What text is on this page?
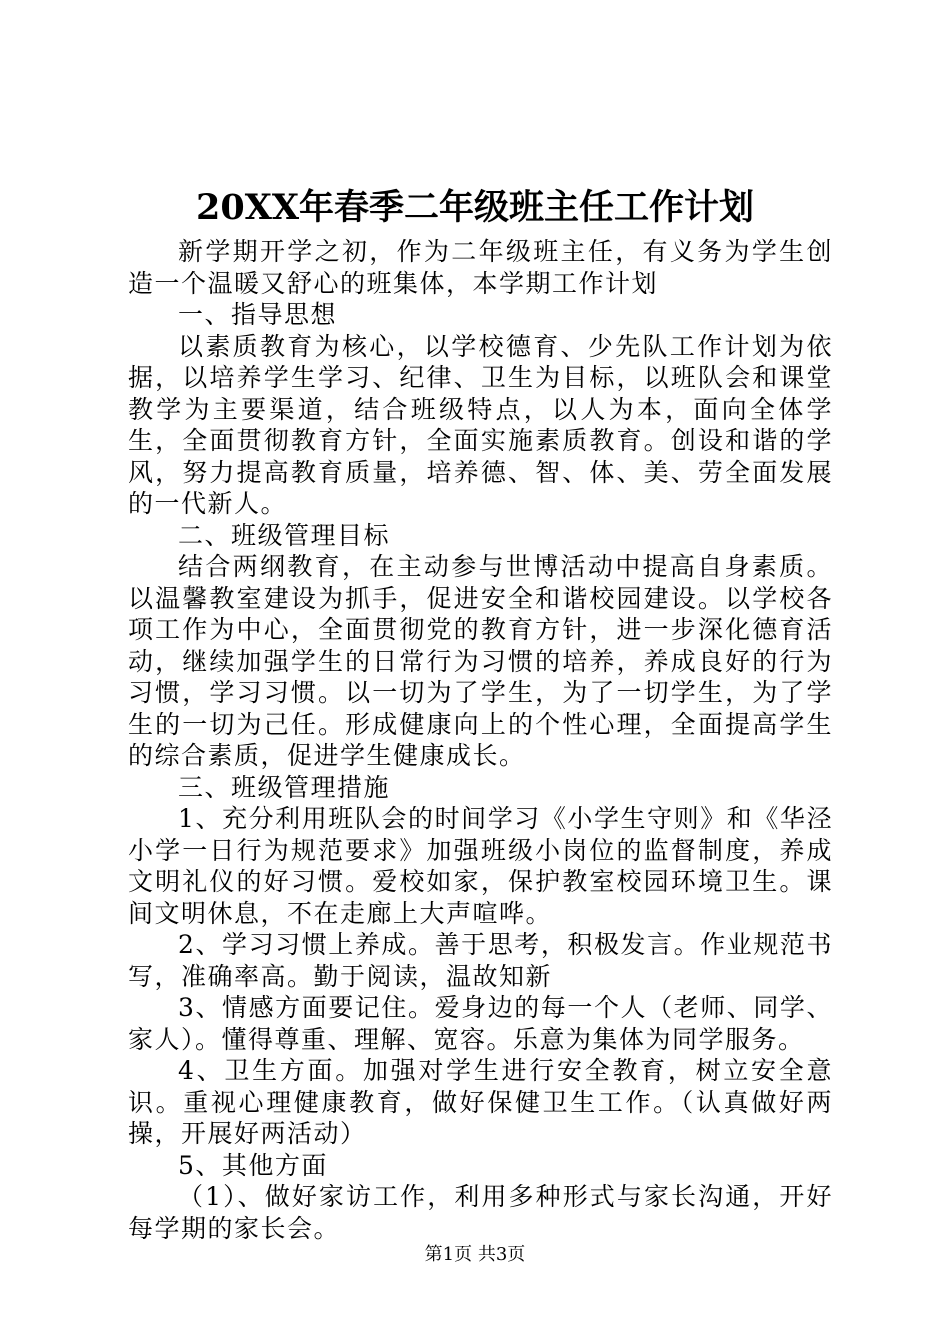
20XX年春季二年级班主任工作计划

新学期开学之初，作为二年级班主任，有义务为学生创造一个温暖又舒心的班集体，本学期工作计划

一、指导思想

以素质教育为核心，以学校德育、少先队工作计划为依据，以培养学生学习、纪律、卫生为目标，以班队会和课堂教学为主要渠道，结合班级特点，以人为本，面向全体学生，全面贯彻教育方针，全面实施素质教育。创设和谐的学风，努力提高教育质量，培养德、智、体、美、劳全面发展的一代新人。

二、班级管理目标

结合两纲教育，在主动参与世博活动中提高自身素质。以温馨教室建设为抓手，促进安全和谐校园建设。以学校各项工作为中心，全面贯彻党的教育方针，进一步深化德育活动，继续加强学生的日常行为习惯的培养，养成良好的行为习惯，学习习惯。以一切为了学生，为了一切学生，为了学生的一切为己任。形成健康向上的个性心理，全面提高学生的综合素质，促进学生健康成长。

三、班级管理措施

1、充分利用班队会的时间学习《小学生守则》和《华泾小学一日行为规范要求》加强班级小岗位的监督制度，养成文明礼仪的好习惯。爱校如家，保护教室校园环境卫生。课间文明休息，不在走廊上大声喧哗。

2、学习习惯上养成。善于思考，积极发言。作业规范书写，准确率高。勤于阅读，温故知新

3、情感方面要记住。爱身边的每一个人（老师、同学、家人）。懂得尊重、理解、宽容。乐意为集体为同学服务。

4、卫生方面。加强对学生进行安全教育，树立安全意识。重视心理健康教育，做好保健卫生工作。（认真做好两操，开展好两活动）

5、其他方面

（1）、做好家访工作，利用多种形式与家长沟通，开好每学期的家长会。

第1页 共3页
